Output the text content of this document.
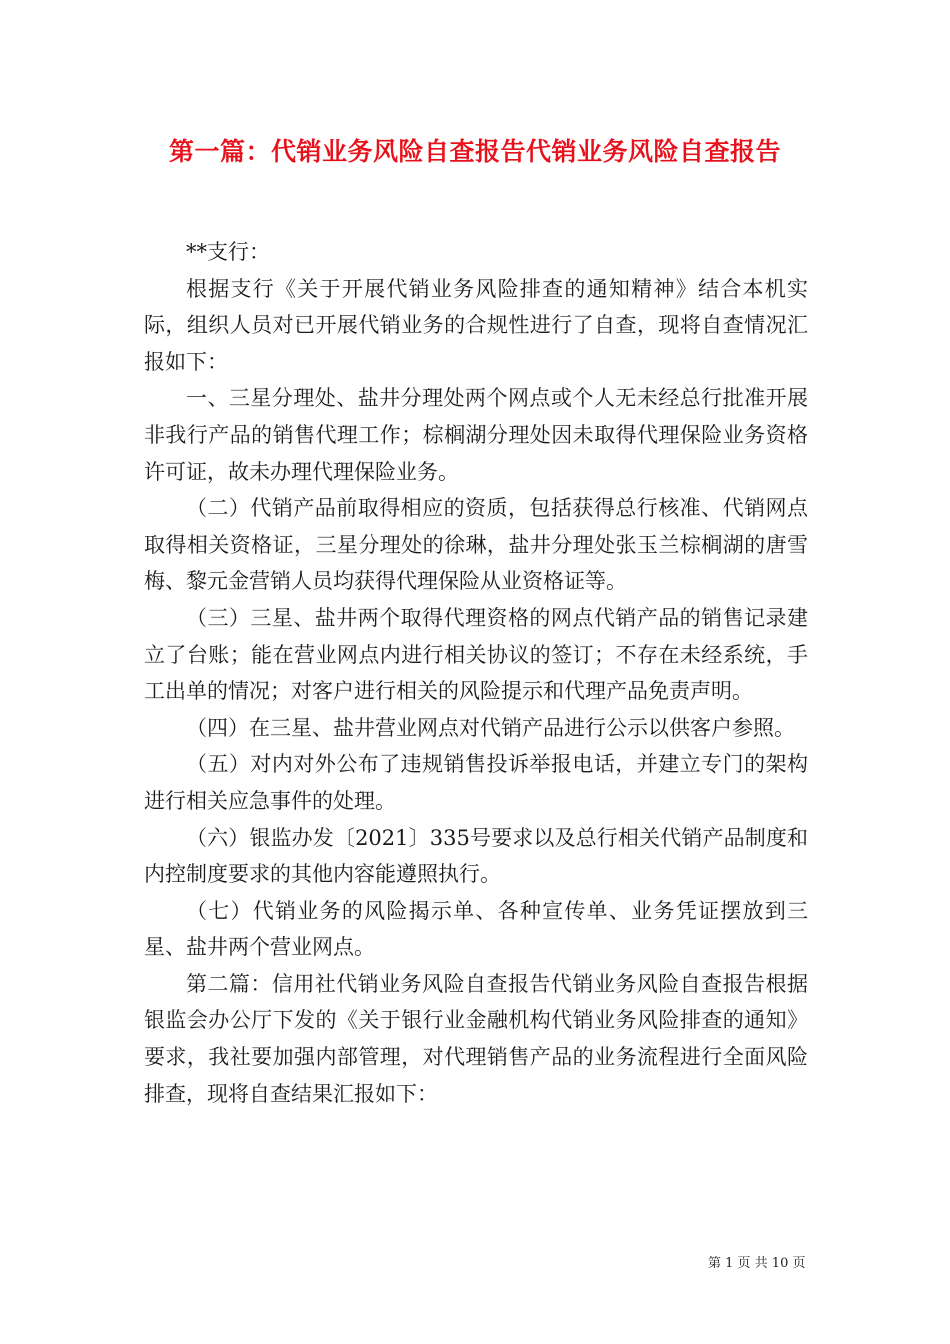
第一篇：代销业务风险自查报告代销业务风险自查报告

**支行：

根据支行《关于开展代销业务风险排查的通知精神》结合本机实际，组织人员对已开展代销业务的合规性进行了自查，现将自查情况汇报如下：

一、三星分理处、盐井分理处两个网点或个人无未经总行批准开展非我行产品的销售代理工作；棕榈湖分理处因未取得代理保险业务资格许可证，故未办理代理保险业务。

（二）代销产品前取得相应的资质，包括获得总行核准、代销网点取得相关资格证，三星分理处的徐琳，盐井分理处张玉兰棕榈湖的唐雪梅、黎元金营销人员均获得代理保险从业资格证等。

（三）三星、盐井两个取得代理资格的网点代销产品的销售记录建立了台账；能在营业网点内进行相关协议的签订；不存在未经系统，手工出单的情况；对客户进行相关的风险提示和代理产品免责声明。

（四）在三星、盐井营业网点对代销产品进行公示以供客户参照。

（五）对内对外公布了违规销售投诉举报电话，并建立专门的架构进行相关应急事件的处理。

（六）银监办发〔2021〕335号要求以及总行相关代销产品制度和内控制度要求的其他内容能遵照执行。

（七）代销业务的风险揭示单、各种宣传单、业务凭证摆放到三星、盐井两个营业网点。

第二篇：信用社代销业务风险自查报告代销业务风险自查报告根据银监会办公厅下发的《关于银行业金融机构代销业务风险排查的通知》要求，我社要加强内部管理，对代理销售产品的业务流程进行全面风险排查，现将自查结果汇报如下：

第 1 页 共 10 页
